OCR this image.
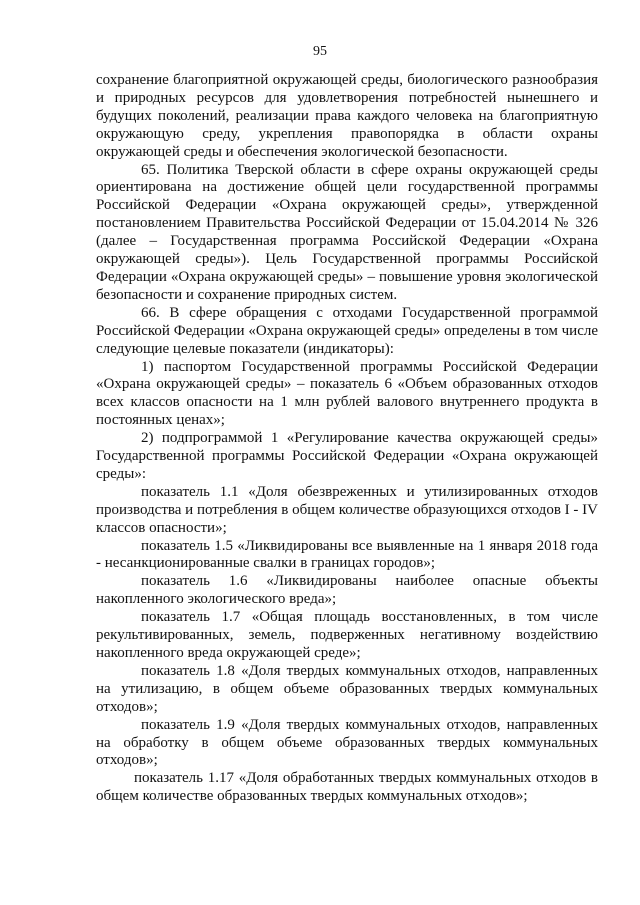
95

сохранение благоприятной окружающей среды, биологического разнообразия и природных ресурсов для удовлетворения потребностей нынешнего и будущих поколений, реализации права каждого человека на благоприятную окружающую среду, укрепления правопорядка в области охраны окружающей среды и обеспечения экологической безопасности.

65. Политика Тверской области в сфере охраны окружающей среды ориентирована на достижение общей цели государственной программы Российской Федерации «Охрана окружающей среды», утвержденной постановлением Правительства Российской Федерации от 15.04.2014 № 326 (далее – Государственная программа Российской Федерации «Охрана окружающей среды»). Цель Государственной программы Российской Федерации «Охрана окружающей среды» – повышение уровня экологической безопасности и сохранение природных систем.

66. В сфере обращения с отходами Государственной программой Российской Федерации «Охрана окружающей среды» определены в том числе следующие целевые показатели (индикаторы):

1) паспортом Государственной программы Российской Федерации «Охрана окружающей среды» – показатель 6 «Объем образованных отходов всех классов опасности на 1 млн рублей валового внутреннего продукта в постоянных ценах»;

2) подпрограммой 1 «Регулирование качества окружающей среды» Государственной программы Российской Федерации «Охрана окружающей среды»:

показатель 1.1 «Доля обезвреженных и утилизированных отходов производства и потребления в общем количестве образующихся отходов I - IV классов опасности»;

показатель 1.5 «Ликвидированы все выявленные на 1 января 2018 года - несанкционированные свалки в границах городов»;

показатель 1.6 «Ликвидированы наиболее опасные объекты накопленного экологического вреда»;

показатель 1.7 «Общая площадь восстановленных, в том числе рекультивированных, земель, подверженных негативному воздействию накопленного вреда окружающей среде»;

показатель 1.8 «Доля твердых коммунальных отходов, направленных на утилизацию, в общем объеме образованных твердых коммунальных отходов»;

показатель 1.9 «Доля твердых коммунальных отходов, направленных на обработку в общем объеме образованных твердых коммунальных отходов»;

показатель 1.17 «Доля обработанных твердых коммунальных отходов в общем количестве образованных твердых коммунальных отходов»;
